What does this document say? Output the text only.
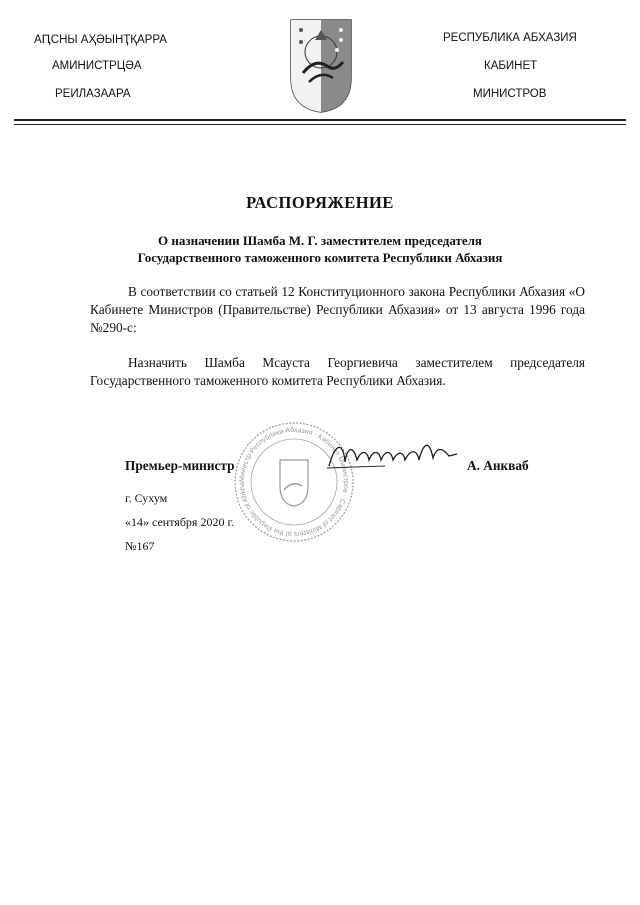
АԤСНЫ АҲӘЫНҬҚАРРА
АМИНИСТРЦӘА
РЕИЛАЗААРА
РЕСПУБЛИКА АБХАЗИЯ
КАБИНЕТ
МИНИСТРОВ
РАСПОРЯЖЕНИЕ
О назначении Шамба М. Г. заместителем председателя
Государственного таможенного комитета Республики Абхазия
В соответствии со статьей 12 Конституционного закона Республики Абхазия «О Кабинете Министров (Правительстве) Республики Абхазия» от 13 августа 1996 года №290-с:
Назначить Шамба Мсауста Георгиевича заместителем председателя Государственного таможенного комитета Республики Абхазия.
Министр Республики Абхазия · Кабинет Министров · Cabinet of Ministers of the Republic of Abkha
Премьер-министр	А. Анкваб
г. Сухум
«14» сентября 2020 г.
№167
